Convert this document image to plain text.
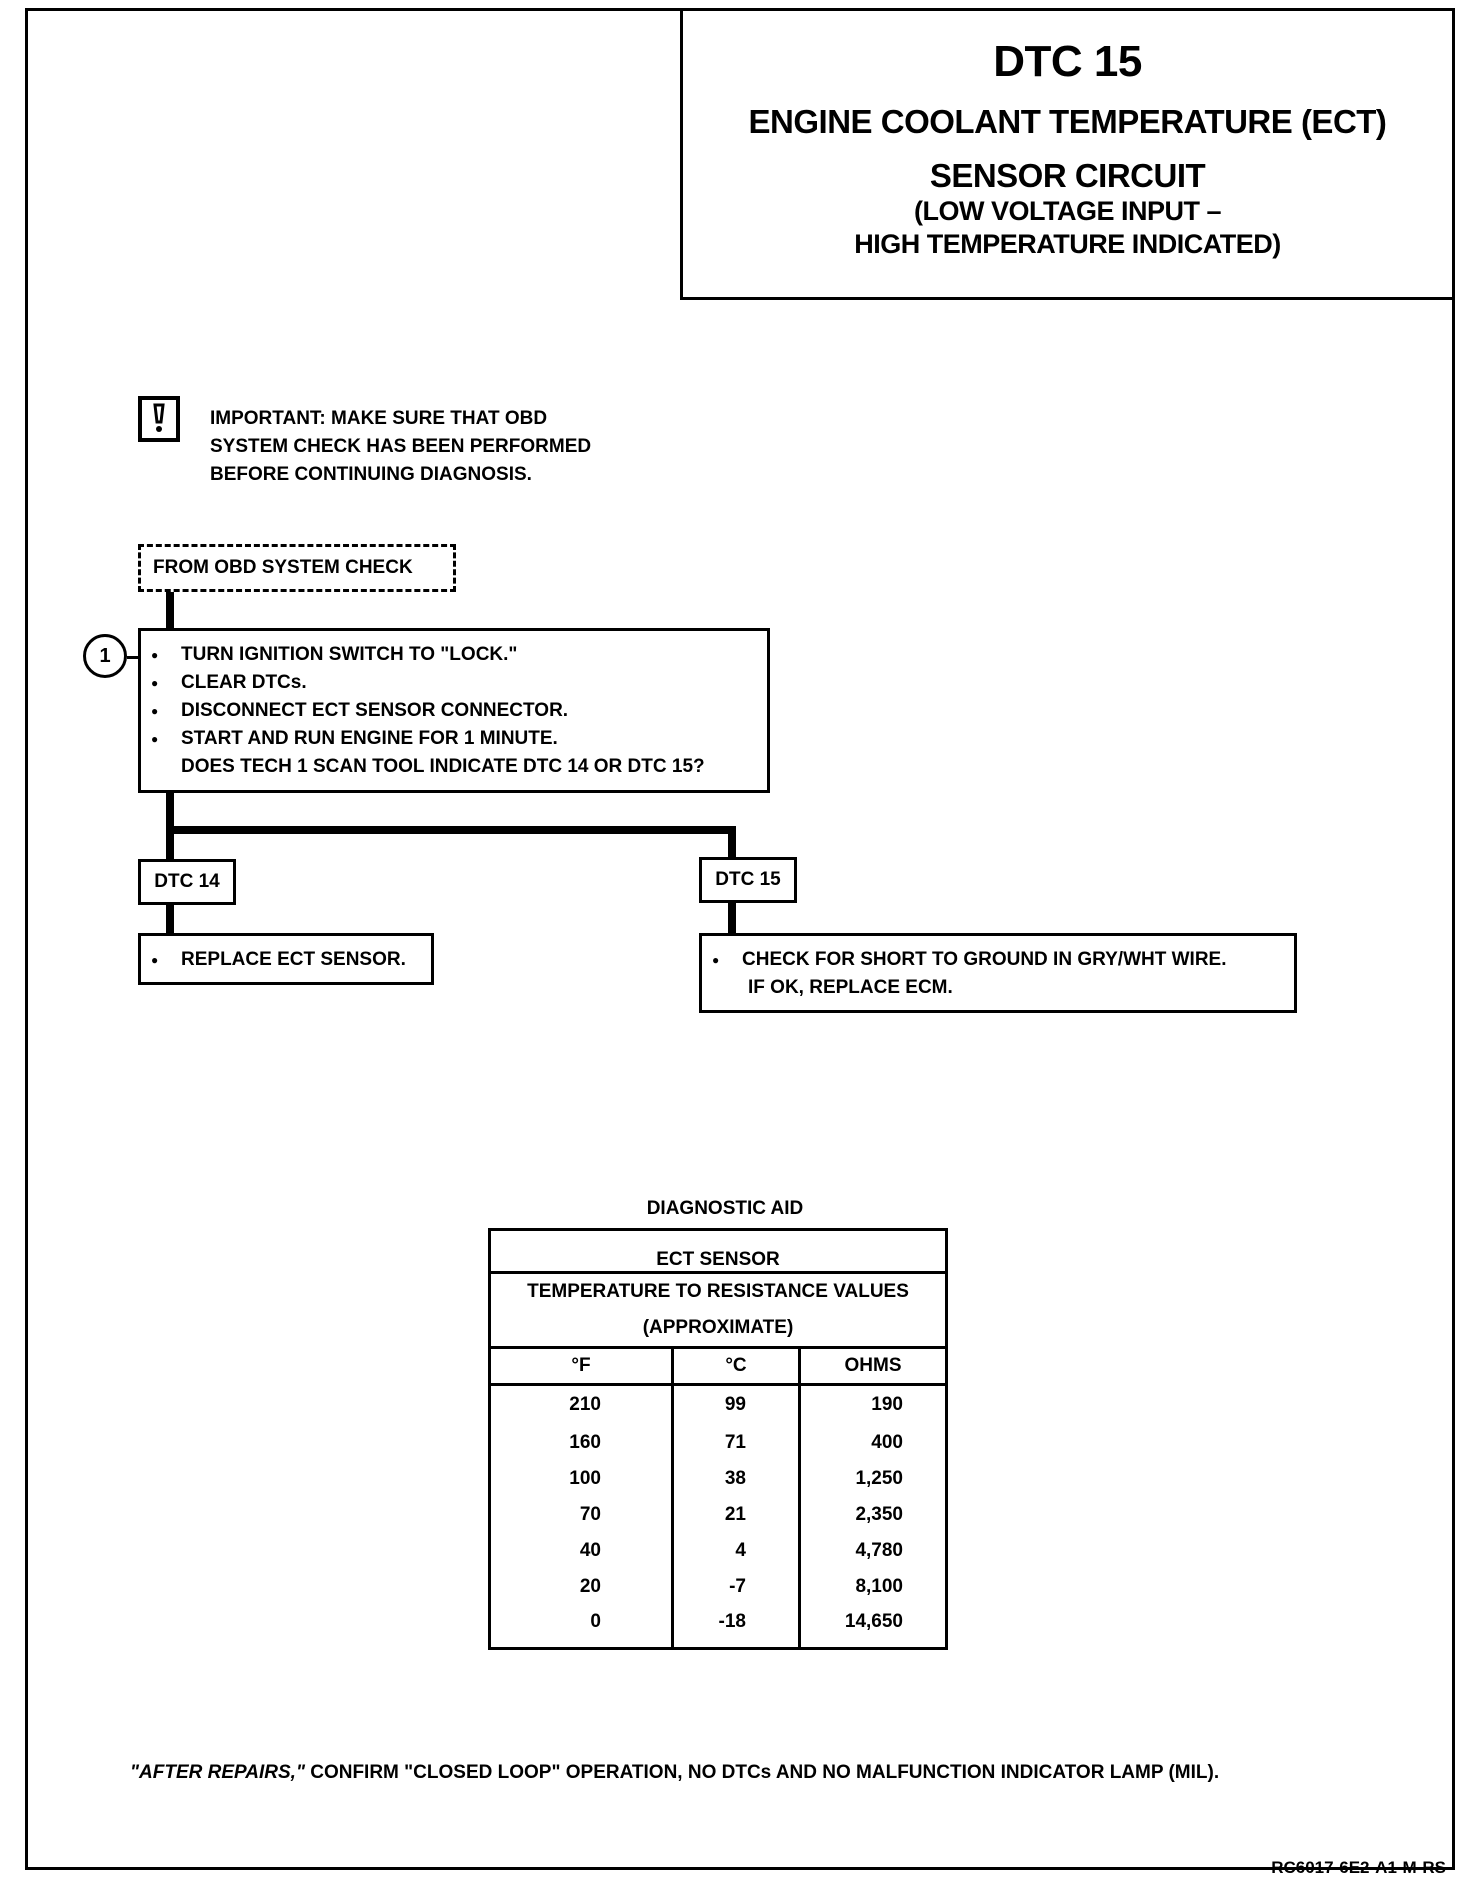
DTC 15
ENGINE COOLANT TEMPERATURE (ECT)
SENSOR CIRCUIT
(LOW VOLTAGE INPUT –
HIGH TEMPERATURE INDICATED)
IMPORTANT: MAKE SURE THAT OBD
SYSTEM CHECK HAS BEEN PERFORMED
BEFORE CONTINUING DIAGNOSIS.
FROM OBD SYSTEM CHECK
1	● TURN IGNITION SWITCH TO "LOCK."
● CLEAR DTCs.
● DISCONNECT ECT SENSOR CONNECTOR.
● START AND RUN ENGINE FOR 1 MINUTE.
DOES TECH 1 SCAN TOOL INDICATE DTC 14 OR DTC 15?
DTC 14	DTC 15
● REPLACE ECT SENSOR.	● CHECK FOR SHORT TO GROUND IN GRY/WHT WIRE.
IF OK, REPLACE ECM.
DIAGNOSTIC AID
ECT SENSOR		

TEMPERATURE TO RESISTANCE VALUES
(APPROXIMATE)		

°F	°C	OHMS
210	99	190
160	71	400
100	38	1,250
70	21	2,350
40	4	4,780
20	-7	8,100
0	-18	14,650
"AFTER REPAIRS," CONFIRM "CLOSED LOOP" OPERATION, NO DTCs AND NO MALFUNCTION INDICATOR LAMP (MIL).
RC6017-6E2-A1-M-RS
